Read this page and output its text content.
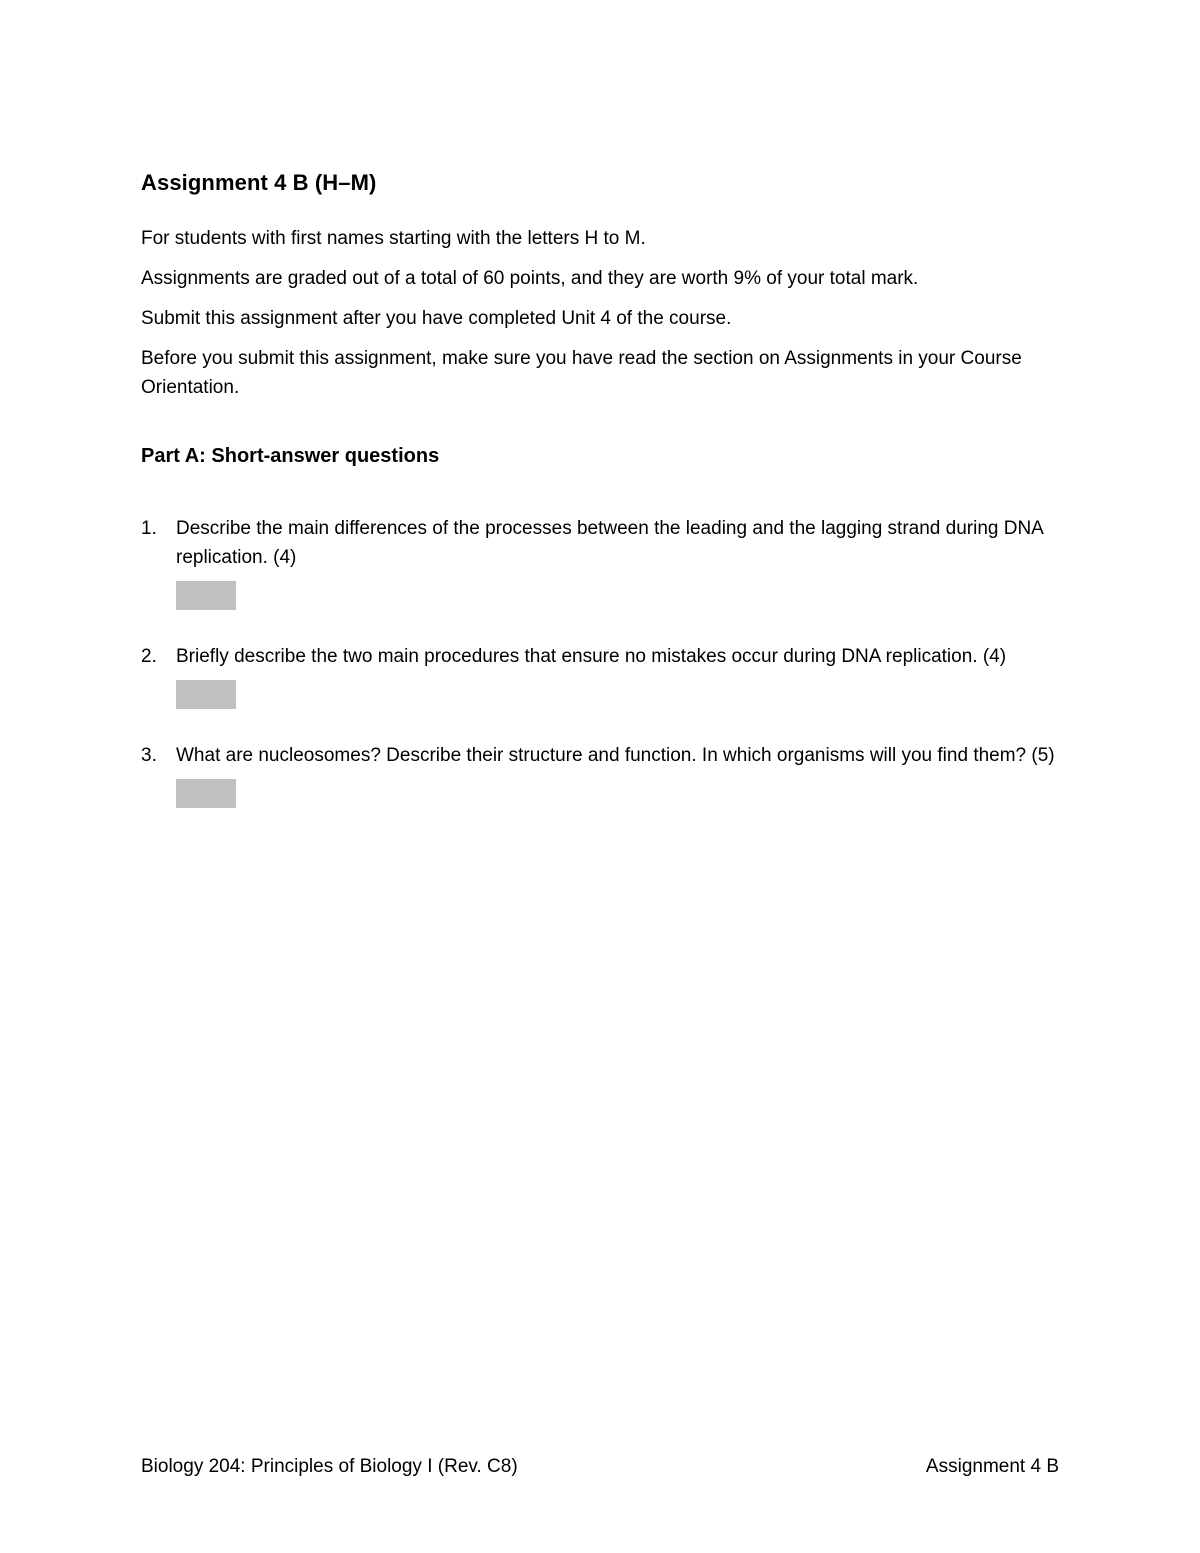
Assignment 4 B (H–M)

For students with first names starting with the letters H to M.

Assignments are graded out of a total of 60 points, and they are worth 9% of your total mark.

Submit this assignment after you have completed Unit 4 of the course.

Before you submit this assignment, make sure you have read the section on Assignments in your Course Orientation.

Part A: Short-answer questions
1. Describe the main differences of the processes between the leading and the lagging strand during DNA replication. (4)
2. Briefly describe the two main procedures that ensure no mistakes occur during DNA replication. (4)
3. What are nucleosomes? Describe their structure and function. In which organisms will you find them? (5)
Biology 204: Principles of Biology I (Rev. C8)	Assignment 4 B
